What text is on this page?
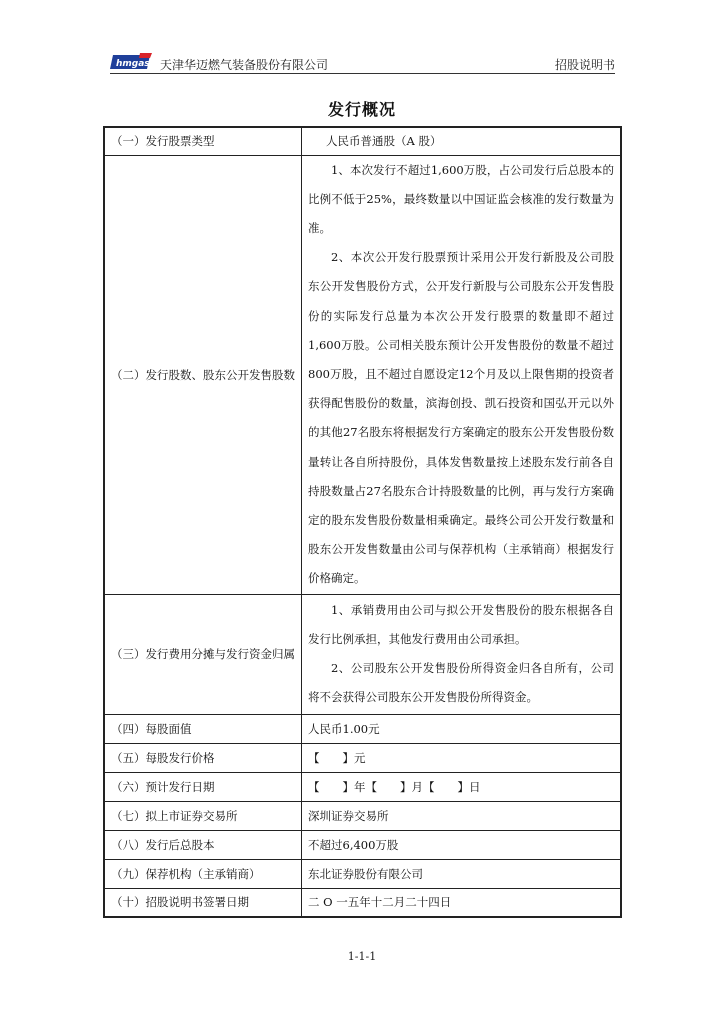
hmgas 天津华迈燃气装备股份有限公司	招股说明书
发行概况
（一）发行股票类型	人民币普通股（A 股）

（二）发行股数、股东公开发售股数	1、本次发行不超过1,600万股，占公司发行后总股本的比例不低于25%，最终数量以中国证监会核准的发行数量为准。

2、本次公开发行股票预计采用公开发行新股及公司股东公开发售股份方式，公开发行新股与公司股东公开发售股份的实际发行总量为本次公开发行股票的数量即不超过1,600万股。公司相关股东预计公开发售股份的数量不超过800万股，且不超过自愿设定12个月及以上限售期的投资者获得配售股份的数量，滨海创投、凯石投资和国弘开元以外的其他27名股东将根据发行方案确定的股东公开发售股份数量转让各自所持股份，具体发售数量按上述股东发行前各自持股数量占27名股东合计持股数量的比例，再与发行方案确定的股东发售股份数量相乘确定。最终公司公开发行数量和股东公开发售数量由公司与保荐机构（主承销商）根据发行价格确定。

（三）发行费用分摊与发行资金归属	1、承销费用由公司与拟公开发售股份的股东根据各自发行比例承担，其他发行费用由公司承担。

2、公司股东公开发售股份所得资金归各自所有，公司将不会获得公司股东公开发售股份所得资金。

（四）每股面值	人民币1.00元

（五）每股发行价格	【　　】元

（六）预计发行日期	【　　】年【　　】月【　　】日

（七）拟上市证券交易所	深圳证券交易所

（八）发行后总股本	不超过6,400万股

（九）保荐机构（主承销商）	东北证券股份有限公司

（十）招股说明书签署日期	二 O 一五年十二月二十四日
1-1-1
